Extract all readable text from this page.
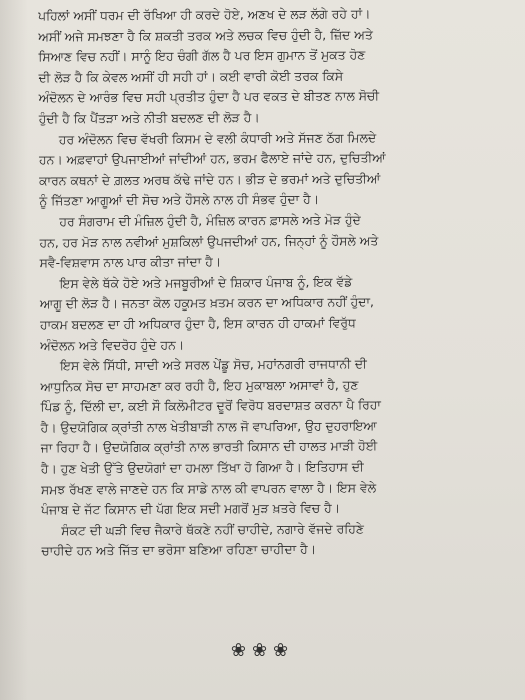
ਪਹਿਲਾਂ ਅਸੀਂ ਧਰਮ ਦੀ ਰੱਖਿਆ ਹੀ ਕਰਦੇ ਹੋਏ, ਅਣਖ ਦੇ ਲੜ ਲੱਗੇ ਰਹੇ ਹਾਂ।
ਅਸੀਂ ਅਜੇ ਸਮਝਣਾ ਹੈ ਕਿ ਸ਼ਕਤੀ ਤਰਕ ਅਤੇ ਲਚਕ ਵਿਚ ਹੁੰਦੀ ਹੈ, ਜ਼ਿੱਦ ਅਤੇ
ਸਿਆਣ ਵਿਚ ਨਹੀਂ। ਸਾਨੂੰ ਇਹ ਚੰਗੀ ਗੱਲ ਹੈ ਪਰ ਇਸ ਗੁਮਾਨ ਤੋਂ ਮੁਕਤ ਹੋਣ
ਦੀ ਲੋੜ ਹੈ ਕਿ ਕੇਵਲ ਅਸੀਂ ਹੀ ਸਹੀ ਹਾਂ। ਕਈ ਵਾਰੀ ਕੋਈ ਤਰਕ ਕਿਸੇ
ਅੰਦੋਲਨ ਦੇ ਆਰੰਭ ਵਿਚ ਸਹੀ ਪ੍ਰਤੀਤ ਹੁੰਦਾ ਹੈ ਪਰ ਵਕਤ ਦੇ ਬੀਤਣ ਨਾਲ ਸੋਚੀ
ਹੁੰਦੀ ਹੈ ਕਿ ਪੈਂਤੜਾ ਅਤੇ ਨੀਤੀ ਬਦਲਣ ਦੀ ਲੋੜ ਹੈ।
ਹਰ ਅੰਦੋਲਨ ਵਿਚ ਵੱਖਰੀ ਕਿਸਮ ਦੇ ਵਲੀ ਕੰਧਾਰੀ ਅਤੇ ਸੱਜਣ ਠੱਗ ਮਿਲਦੇ
ਹਨ। ਅਫ਼ਵਾਹਾਂ ਉਪਜਾਈਆਂ ਜਾਂਦੀਆਂ ਹਨ, ਭਰਮ ਫੈਲਾਏ ਜਾਂਦੇ ਹਨ, ਦੁਚਿਤੀਆਂ
ਕਾਰਨ ਕਥਨਾਂ ਦੇ ਗ਼ਲਤ ਅਰਥ ਕੱਢੇ ਜਾਂਦੇ ਹਨ। ਭੀੜ ਦੇ ਭਰਮਾਂ ਅਤੇ ਦੁਚਿਤੀਆਂ
ਨੂੰ ਜਿੱਤਣਾ ਆਗੂਆਂ ਦੀ ਸੋਚ ਅਤੇ ਹੌਸਲੇ ਨਾਲ ਹੀ ਸੰਭਵ ਹੁੰਦਾ ਹੈ।
ਹਰ ਸੰਗਰਾਮ ਦੀ ਮੰਜ਼ਿਲ ਹੁੰਦੀ ਹੈ, ਮੰਜ਼ਿਲ ਕਾਰਨ ਫ਼ਾਸਲੇ ਅਤੇ ਮੋੜ ਹੁੰਦੇ
ਹਨ, ਹਰ ਮੋੜ ਨਾਲ ਨਵੀਆਂ ਮੁਸ਼ਕਿਲਾਂ ਉਪਜਦੀਆਂ ਹਨ, ਜਿਨ੍ਹਾਂ ਨੂੰ ਹੌਸਲੇ ਅਤੇ
ਸਵੈ-ਵਿਸ਼ਵਾਸ ਨਾਲ ਪਾਰ ਕੀਤਾ ਜਾਂਦਾ ਹੈ।
ਇਸ ਵੇਲੇ ਥੱਕੇ ਹੋਏ ਅਤੇ ਮਜਬੂਰੀਆਂ ਦੇ ਸ਼ਿਕਾਰ ਪੰਜਾਬ ਨੂੰ, ਇਕ ਵੱਡੇ
ਆਗੂ ਦੀ ਲੋੜ ਹੈ। ਜਨਤਾ ਕੋਲ ਹਕੂਮਤ ਖ਼ਤਮ ਕਰਨ ਦਾ ਅਧਿਕਾਰ ਨਹੀਂ ਹੁੰਦਾ,
ਹਾਕਮ ਬਦਲਣ ਦਾ ਹੀ ਅਧਿਕਾਰ ਹੁੰਦਾ ਹੈ, ਇਸ ਕਾਰਨ ਹੀ ਹਾਕਮਾਂ ਵਿਰੁੱਧ
ਅੰਦੋਲਨ ਅਤੇ ਵਿਦਰੋਹ ਹੁੰਦੇ ਹਨ।
ਇਸ ਵੇਲੇ ਸਿੱਧੀ, ਸਾਦੀ ਅਤੇ ਸਰਲ ਪੇਂਡੂ ਸੋਚ, ਮਹਾਂਨਗਰੀ ਰਾਜਧਾਨੀ ਦੀ
ਆਧੁਨਿਕ ਸੋਚ ਦਾ ਸਾਹਮਣਾ ਕਰ ਰਹੀ ਹੈ, ਇਹ ਮੁਕਾਬਲਾ ਅਸਾਵਾਂ ਹੈ, ਹੁਣ
ਪਿੰਡ ਨੂੰ, ਦਿੱਲੀ ਦਾ, ਕਈ ਸੌ ਕਿਲੋਮੀਟਰ ਦੂਰੋਂ ਵਿਰੋਧ ਬਰਦਾਸ਼ਤ ਕਰਨਾ ਪੈ ਰਿਹਾ
ਹੈ। ਉਦਯੋਗਿਕ ਕ੍ਰਾਂਤੀ ਨਾਲ ਖੇਤੀਬਾੜੀ ਨਾਲ ਜੋ ਵਾਪਰਿਆ, ਉਹ ਦੁਹਰਾਇਆ
ਜਾ ਰਿਹਾ ਹੈ। ਉਦਯੋਗਿਕ ਕ੍ਰਾਂਤੀ ਨਾਲ ਭਾਰਤੀ ਕਿਸਾਨ ਦੀ ਹਾਲਤ ਮਾੜੀ ਹੋਈ
ਹੈ। ਹੁਣ ਖੇਤੀ ਉੱਤੇ ਉਦਯੋਗਾਂ ਦਾ ਹਮਲਾ ਤਿੱਖਾ ਹੋ ਗਿਆ ਹੈ। ਇਤਿਹਾਸ ਦੀ
ਸਮਝ ਰੱਖਣ ਵਾਲੇ ਜਾਣਦੇ ਹਨ ਕਿ ਸਾਡੇ ਨਾਲ ਕੀ ਵਾਪਰਨ ਵਾਲਾ ਹੈ। ਇਸ ਵੇਲੇ
ਪੰਜਾਬ ਦੇ ਜੱਟ ਕਿਸਾਨ ਦੀ ਪੱਗ ਇਕ ਸਦੀ ਮਗਰੋਂ ਮੁੜ ਖ਼ਤਰੇ ਵਿਚ ਹੈ।
ਸੰਕਟ ਦੀ ਘੜੀ ਵਿਚ ਜੈਕਾਰੇ ਥੱਕਣੇ ਨਹੀਂ ਚਾਹੀਦੇ, ਨਗਾਰੇ ਵੱਜਦੇ ਰਹਿਣੇ
ਚਾਹੀਦੇ ਹਨ ਅਤੇ ਜਿੱਤ ਦਾ ਭਰੋਸਾ ਬਣਿਆ ਰਹਿਣਾ ਚਾਹੀਦਾ ਹੈ।
❀❀❀
